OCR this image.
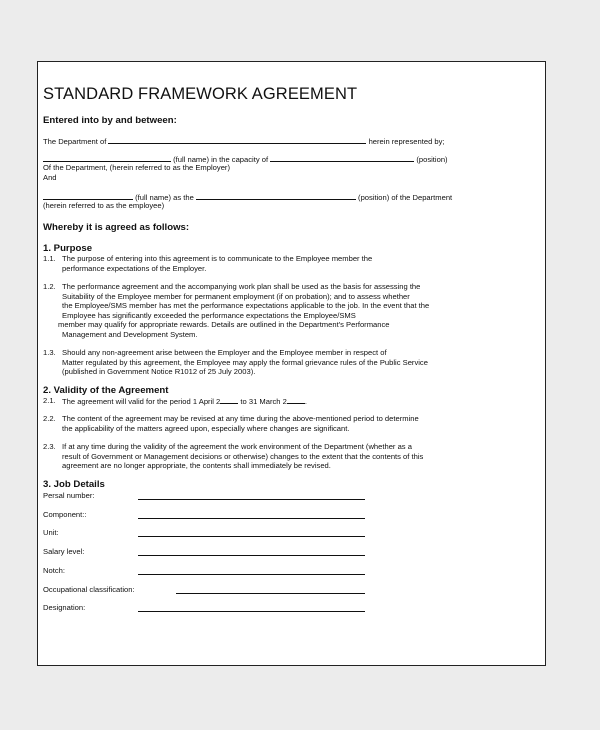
STANDARD FRAMEWORK AGREEMENT
Entered into by and between:
The Department of	herein represented by;
(full name) in the capacity of	(position)
Of the Department, (herein referred to as the Employer)
And
(full name) as the	(position) of the Department
(herein referred to as the employee)
Whereby it is agreed as follows:
1. Purpose
1.1. The purpose of entering into this agreement is to communicate to the Employee member the
performance expectations of the Employer.
1.2. The performance agreement and the accompanying work plan shall be used as the basis for assessing the
Suitability of the Employee member for permanent employment (if on probation); and to assess whether
the Employee/SMS member has met the performance expectations applicable to the job. In the event that the
Employee has significantly exceeded the performance expectations the Employee/SMS
member may qualify for appropriate rewards. Details are outlined in the Department's Performance
Management and Development System.
1.3. Should any non-agreement arise between the Employer and the Employee member in respect of
Matter regulated by this agreement, the Employee may apply the formal grievance rules of the Public Service
(published in Government Notice R1012 of 25 July 2003).
2. Validity of the Agreement
2.1. The agreement will valid for the period 1 April 2	to 31 March 2 .
2.2. The content of the agreement may be revised at any time during the above-mentioned period to determine
the applicability of the matters agreed upon, especially where changes are significant.
2.3. If at any time during the validity of the agreement the work environment of the Department (whether as a
result of Government or Management decisions or otherwise) changes to the extent that the contents of this
agreement are no longer appropriate, the contents shall immediately be revised.
3. Job Details
Persal number:
Component::
Unit:
Salary level:
Notch:
Occupational classification:
Designation:
